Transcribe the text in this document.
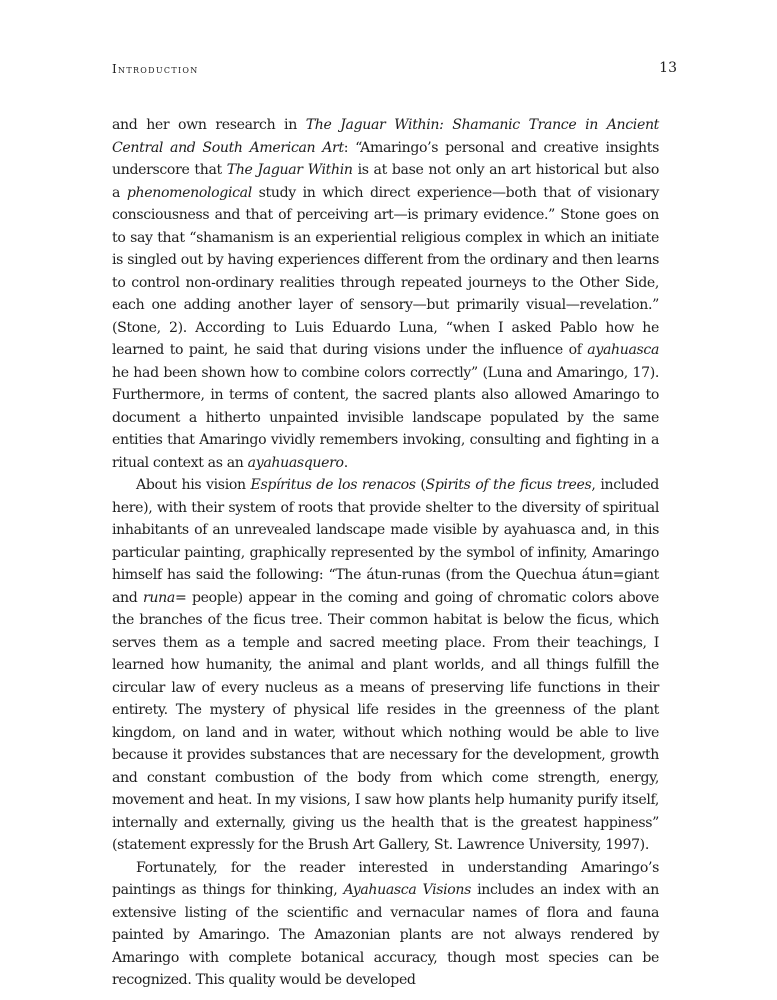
Introduction	13

and her own research in The Jaguar Within: Shamanic Trance in Ancient Central and South American Art: “Amaringo’s personal and creative insights underscore that The Jaguar Within is at base not only an art historical but also a phenomenological study in which direct experience—both that of visionary consciousness and that of perceiving art—is primary evidence.” Stone goes on to say that “shamanism is an experiential religious complex in which an initiate is singled out by having experiences different from the ordinary and then learns to control non-ordinary realities through repeated journeys to the Other Side, each one adding another layer of sensory—but primarily visual—revelation.” (Stone, 2). According to Luis Eduardo Luna, “when I asked Pablo how he learned to paint, he said that during visions under the influence of ayahuasca he had been shown how to combine colors correctly” (Luna and Amaringo, 17). Furthermore, in terms of content, the sacred plants also allowed Amaringo to document a hitherto unpainted invisible landscape populated by the same entities that Amaringo vividly remembers invoking, consulting and fighting in a ritual context as an ayahuasquero.

About his vision Espíritus de los renacos (Spirits of the ficus trees, included here), with their system of roots that provide shelter to the diversity of spiritual inhabitants of an unrevealed landscape made visible by ayahuasca and, in this particular painting, graphically represented by the symbol of infinity, Amaringo himself has said the following: “The átun-runas (from the Quechua átun=giant and runa= people) appear in the coming and going of chromatic colors above the branches of the ficus tree. Their common habitat is below the ficus, which serves them as a temple and sacred meeting place. From their teachings, I learned how humanity, the animal and plant worlds, and all things fulfill the circular law of every nucleus as a means of preserving life functions in their entirety. The mystery of physical life resides in the greenness of the plant kingdom, on land and in water, without which nothing would be able to live because it provides substances that are necessary for the development, growth and constant combustion of the body from which come strength, energy, movement and heat. In my visions, I saw how plants help humanity purify itself, internally and externally, giving us the health that is the greatest happiness” (statement expressly for the Brush Art Gallery, St. Lawrence University, 1997).

Fortunately, for the reader interested in understanding Amaringo’s paintings as things for thinking, Ayahuasca Visions includes an index with an extensive listing of the scientific and vernacular names of flora and fauna painted by Amaringo. The Amazonian plants are not always rendered by Amaringo with complete botanical accuracy, though most species can be recognized. This quality would be developed
